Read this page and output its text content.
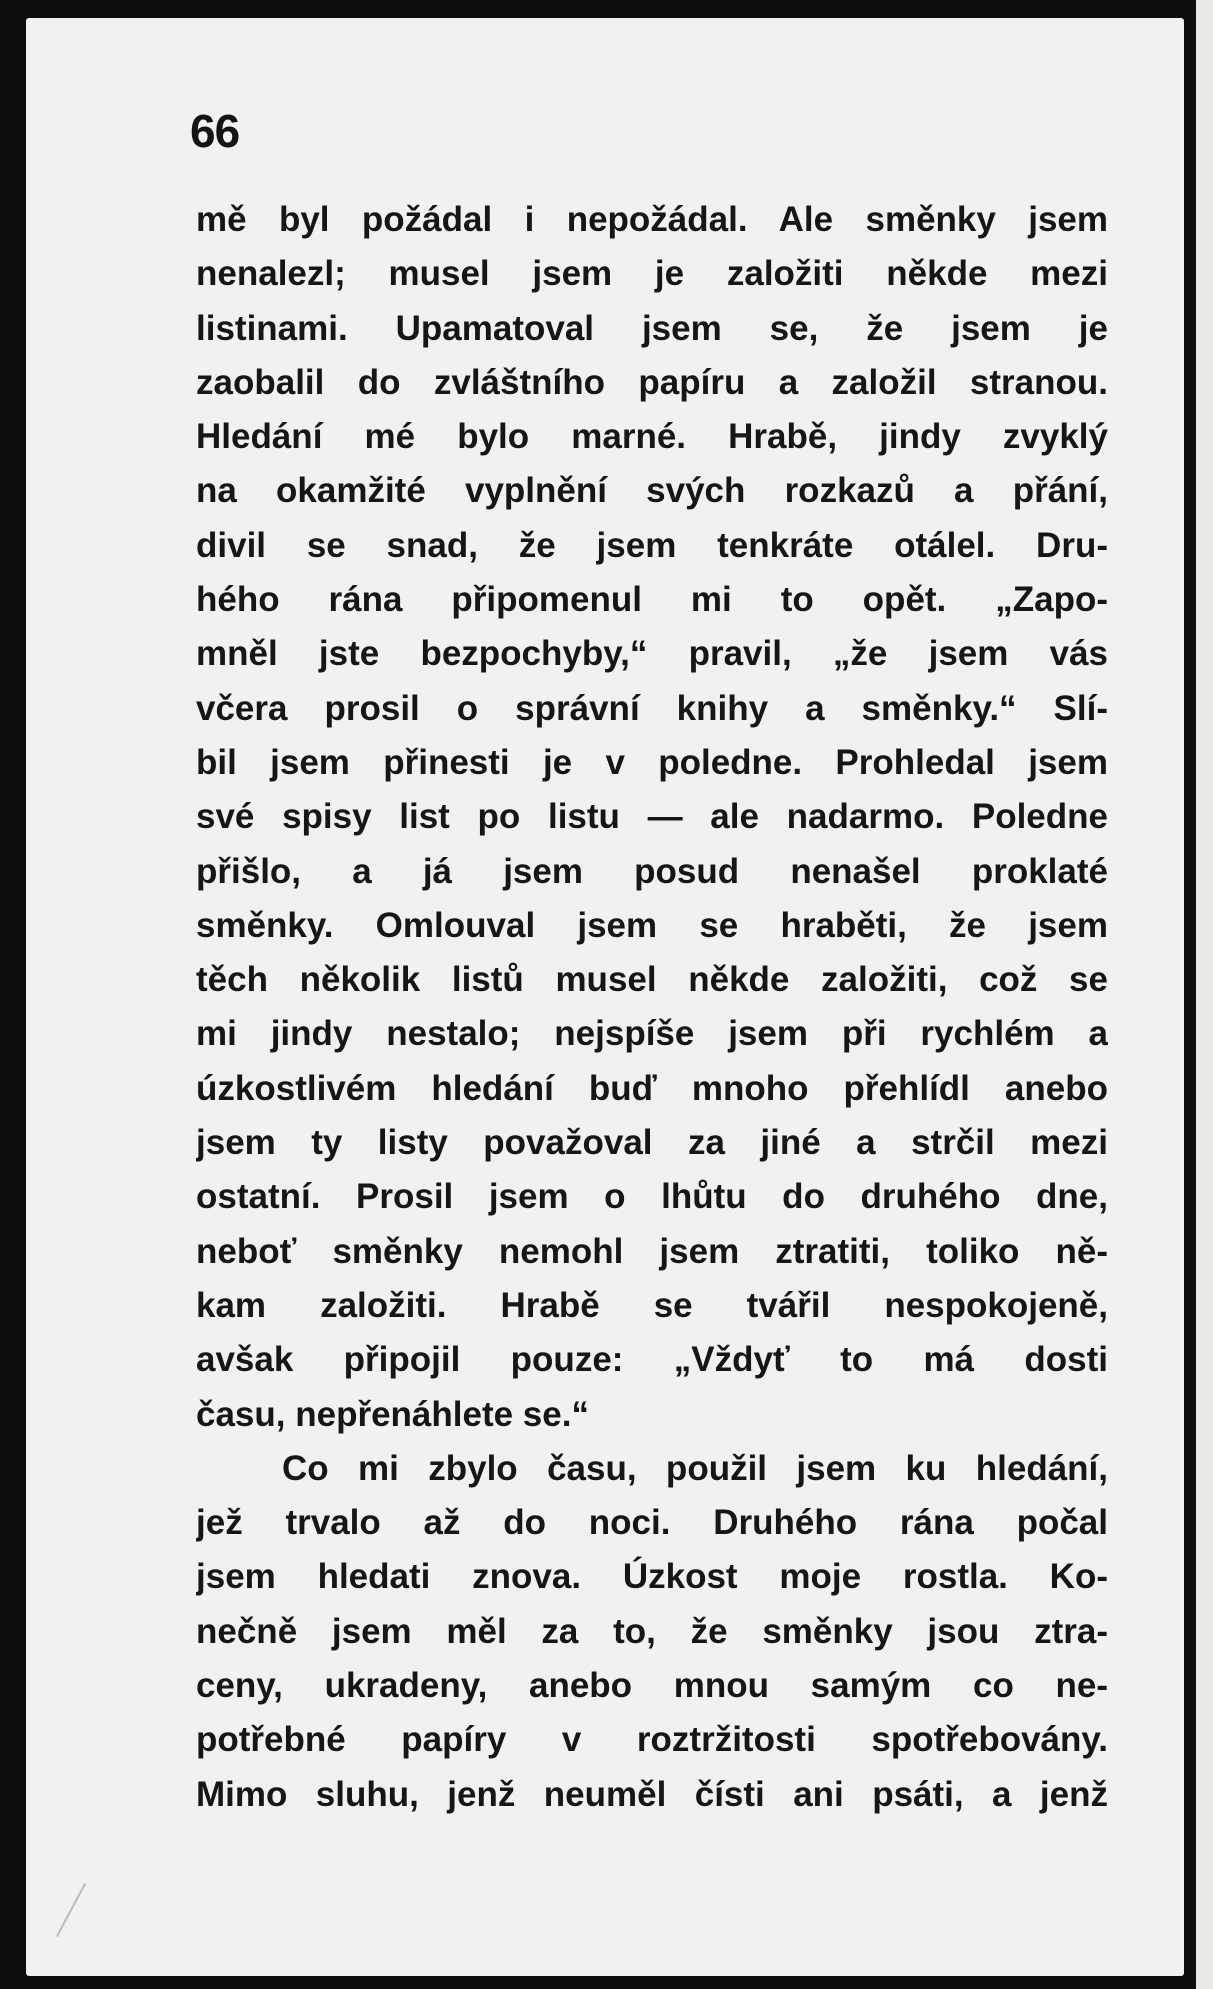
66
mě byl požádal i nepožádal. Ale směnky jsem
nenalezl; musel jsem je založiti někde mezi
listinami. Upamatoval jsem se, že jsem je
zaobalil do zvláštního papíru a založil stranou.
Hledání mé bylo marné. Hrabě, jindy zvyklý
na okamžité vyplnění svých rozkazů a přání,
divil se snad, že jsem tenkráte otálel. Dru-
hého rána připomenul mi to opět. „Zapo-
mněl jste bezpochyby,“ pravil, „že jsem vás
včera prosil o správní knihy a směnky.“ Slí-
bil jsem přinesti je v poledne. Prohledal jsem
své spisy list po listu — ale nadarmo. Poledne
přišlo, a já jsem posud nenašel proklaté
směnky. Omlouval jsem se hraběti, že jsem
těch několik listů musel někde založiti, což se
mi jindy nestalo; nejspíše jsem při rychlém a
úzkostlivém hledání buď mnoho přehlídl anebo
jsem ty listy považoval za jiné a strčil mezi
ostatní. Prosil jsem o lhůtu do druhého dne,
neboť směnky nemohl jsem ztratiti, toliko ně-
kam založiti. Hrabě se tvářil nespokojeně,
avšak připojil pouze: „Vždyť to má dosti
času, nepřenáhlete se.“
Co mi zbylo času, použil jsem ku hledání,
jež trvalo až do noci. Druhého rána počal
jsem hledati znova. Úzkost moje rostla. Ko-
nečně jsem měl za to, že směnky jsou ztra-
ceny, ukradeny, anebo mnou samým co ne-
potřebné papíry v roztržitosti spotřebovány.
Mimo sluhu, jenž neuměl čísti ani psáti, a jenž
